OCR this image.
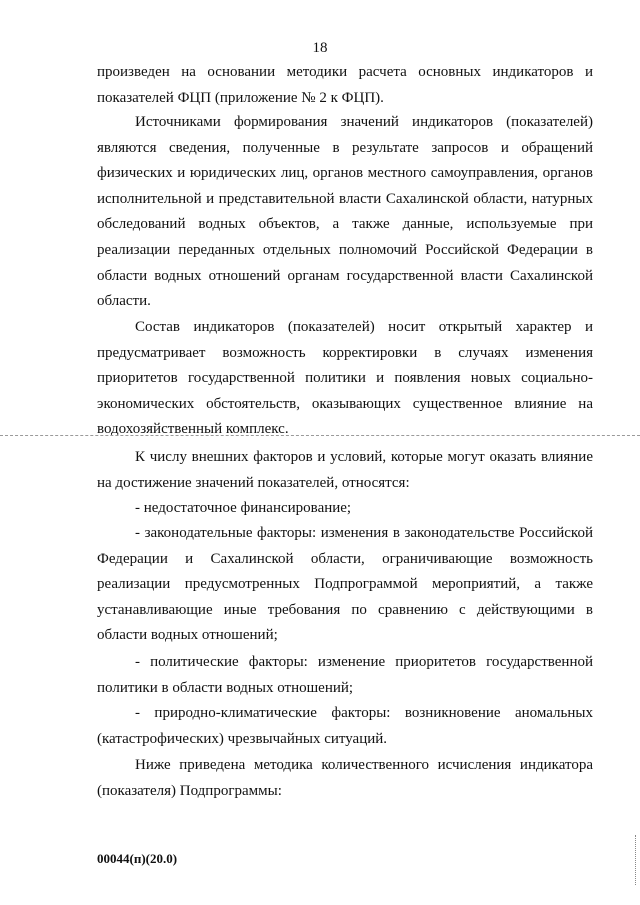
18

произведен на основании методики расчета основных индикаторов и показателей ФЦП (приложение № 2 к ФЦП).

Источниками формирования значений индикаторов (показателей) являются сведения, полученные в результате запросов и обращений физических и юридических лиц, органов местного самоуправления, органов исполнительной и представительной власти Сахалинской области, натурных обследований водных объектов, а также данные, используемые при реализации переданных отдельных полномочий Российской Федерации в области водных отношений органам государственной власти Сахалинской области.

Состав индикаторов (показателей) носит открытый характер и предусматривает возможность корректировки в случаях изменения приоритетов государственной политики и появления новых социально-экономических обстоятельств, оказывающих существенное влияние на водохозяйственный комплекс.

К числу внешних факторов и условий, которые могут оказать влияние на достижение значений показателей, относятся:

- недостаточное финансирование;

- законодательные факторы: изменения в законодательстве Российской Федерации и Сахалинской области, ограничивающие возможность реализации предусмотренных Подпрограммой мероприятий, а также устанавливающие иные требования по сравнению с действующими в области водных отношений;

- политические факторы: изменение приоритетов государственной политики в области водных отношений;

- природно-климатические факторы: возникновение аномальных (катастрофических) чрезвычайных ситуаций.

Ниже приведена методика количественного исчисления индикатора (показателя) Подпрограммы:

00044(п)(20.0)
